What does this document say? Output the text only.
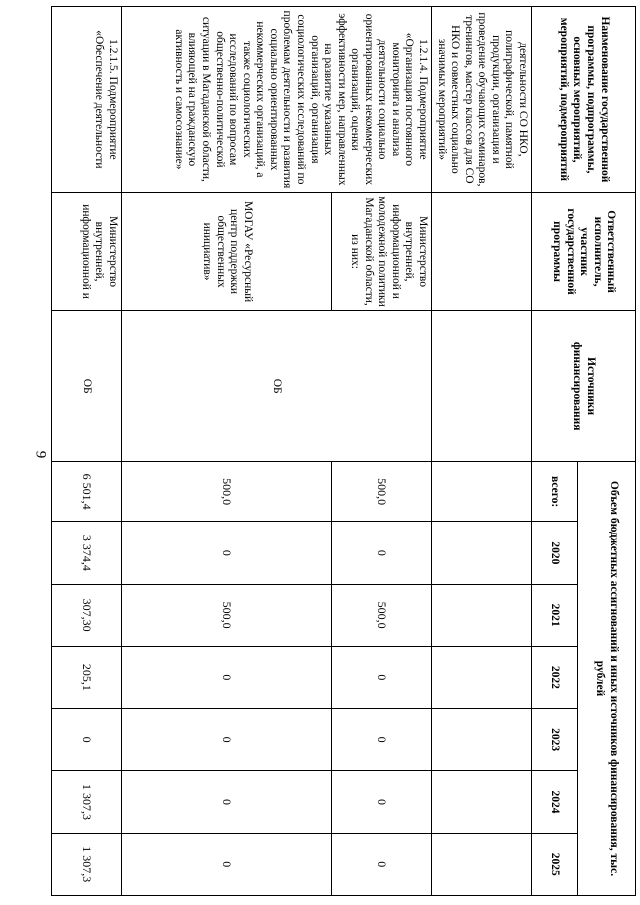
9
Наименование государственной программы, подпрограммы, основных мероприятий, мероприятий, подмероприятий	Ответственный исполнитель, участник государственной программы	Источники финансирования	Объем бюджетных ассигнований и иных источников финансирования, тыс. рублей						
			всего:	2020	2021	2022	2023	2024	2025
деятельности СО НКО, полиграфической, памятной продукции, организация и проведение обучающих семинаров, тренингов, мастер классов для СО НКО и совместных социально значимых мероприятий»									
1.2.1.4. Подмероприятие «Организация постоянного мониторинга и анализа деятельности социально ориентированных некоммерческих организаций, оценки эффективности мер, направленных на развитие указанных организаций, организация социологических исследований по проблемам деятельности и развития социально ориентированных некоммерческих организаций, а также социологических исследований по вопросам общественно-политической ситуации в Магаданской области, влияющей на гражданскую активность и самосознание»	Министерство внутренней, информационной и молодежной политики Магаданской области, из них:	ОБ	500,0	0	500,0	0	0	0	0
	МОГАУ «Ресурсный центр поддержки общественных инициатив»		500,0	0	500,0	0	0	0	0
1.2.1.5. Подмероприятие «Обеспечение деятельности	Министерство внутренней, информационной и	ОБ	6 501,4	3 374,4	307,30	205,1	0	1 307,3	1 307,3
